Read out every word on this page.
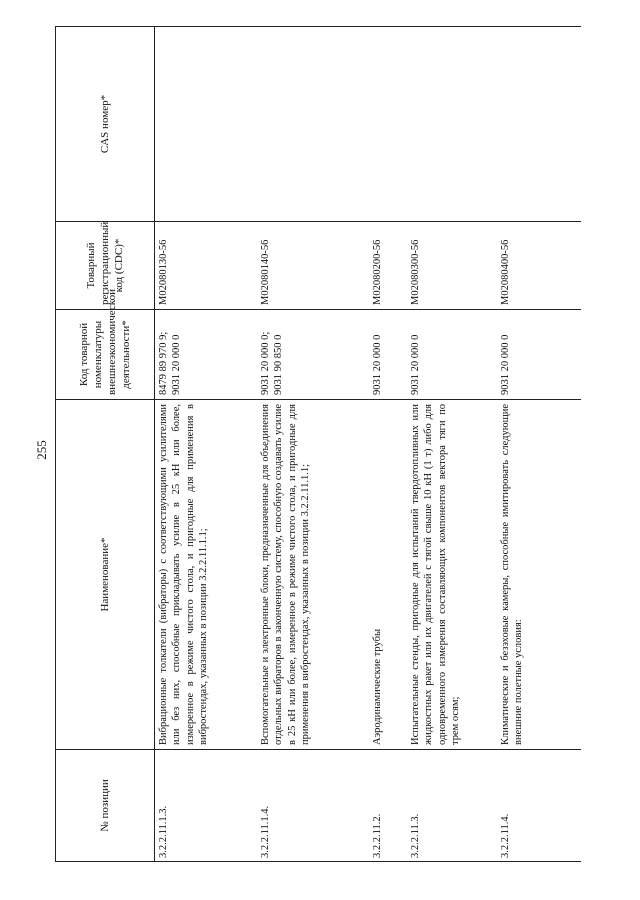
255
№ позиции	Наименование*	Код товарной номенклатуры внешнеэкономической деятельности*	Товарный регистрационный код (CDC)*	CAS номер*
3.2.2.11.1.3.	Вибрационные толкатели (вибраторы) с соответствующими усилителями или без них, способные прикладывать усилие в 25 кН или более, измеренное в режиме чистого стола, и пригодные для применения в вибростендах, указанных в позиции 3.2.2.11.1.1;	8479 89 970 9; 9031 20 000 0	M02080130-56	
3.2.2.11.1.4.	Вспомогательные и электронные блоки, предназначенные для объединения отдельных вибраторов в законченную систему, способную создавать усилие в 25 кН или более, измеренное в режиме чистого стола, и пригодные для применения в вибростендах, указанных в позиции 3.2.2.11.1.1;	9031 20 000 0; 9031 90 850 0	M02080140-56	
3.2.2.11.2.	Аэродинамические трубы	9031 20 000 0	M02080200-56	
3.2.2.11.3.	Испытательные стенды, пригодные для испытаний твердотопливных или жидкостных ракет или их двигателей с тягой свыше 10 кН (1 т) либо для одновременного измерения составляющих компонентов вектора тяги по трем осям;	9031 20 000 0	M02080300-56	
3.2.2.11.4.	Климатические и безэховые камеры, способные имитировать следующие внешние полетные условия:	9031 20 000 0	M02080400-56	
